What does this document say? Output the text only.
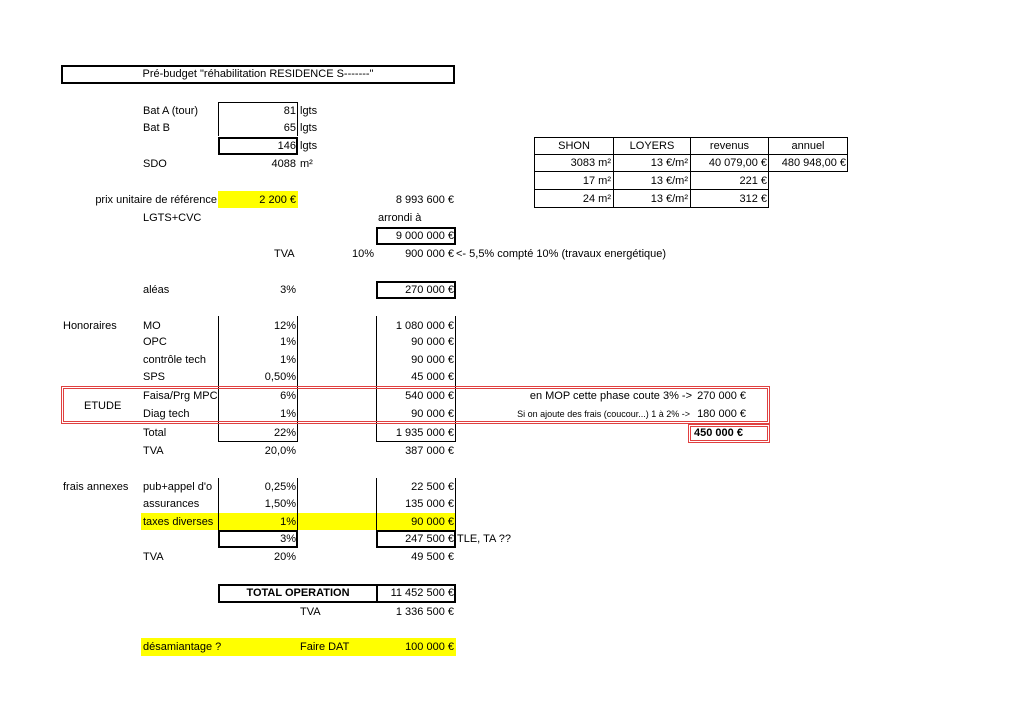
Pré-budget "réhabilitation RESIDENCE S-------"
Bat A (tour)	81 lgts
Bat B	65 lgts
146 lgts
SDO	4088 m²
prix unitaire de référence	2 200 €	8 993 600 €
LGTS+CVC	arrondi à
9 000 000 €
TVA	10%	900 000 € <- 5,5% compté 10% (travaux energétique)
aléas	3%	270 000 €
Honoraires MO	12%	1 080 000 €
OPC	1%	90 000 €
contrôle tech	1%	90 000 €
SPS	0,50%	45 000 €
ETUDE
Faisa/Prg MPC	6%	540 000 €	en MOP cette phase coute 3% -> 270 000 €
Diag tech	1%	90 000 €	Si on ajoute des frais (coucour...) 1 à 2% -> 180 000 €
Total	22%	1 935 000 €	450 000 €
TVA	20,0%	387 000 €
frais annexes pub+appel d'o	0,25%	22 500 €
assurances	1,50%	135 000 €
taxes diverses	1%	90 000 €
3%	247 500 € TLE, TA ??
TVA	20%	49 500 €
TOTAL OPERATION	11 452 500 €
TVA	1 336 500 €
désamiantage ?	Faire DAT	100 000 €
SHON	LOYERS	revenus	annuel
3083 m²	13 €/m²	40 079,00 €	480 948,00 €
17 m²	13 €/m²	221 €
24 m²	13 €/m²	312 €
